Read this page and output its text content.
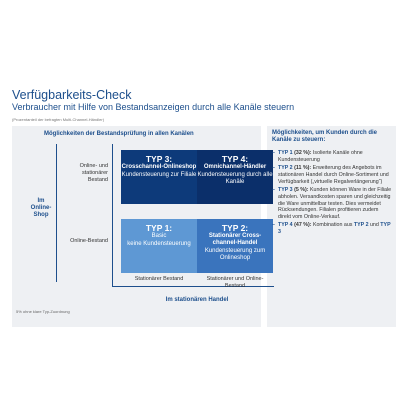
Verfügbarkeits-Check
Verbraucher mit Hilfe von Bestandsanzeigen durch alle Kanäle steuern
(Prozentanteil der befragten Multi-Channel-Händler)
Möglichkeiten der Bestandsprüfung in allen Kanälen
Im Online-Shop
Online- und stationärer Bestand
Online-Bestand
TYP 3:
Crosschannel-Onlineshop
Kundensteuerung zur Filiale
TYP 4:
Omnichannel-Händler
Kundensteuerung durch alle Kanäle
TYP 1:
Basic
keine Kundensteuerung
TYP 2:
Stationärer Cross-channel-Handel
Kundensteuerung zum Onlineshop
Stationärer Bestand	Stationärer und Online-Bestand
Im stationären Handel
5% ohne klare Typ-Zuordnung
Möglichkeiten, um Kunden durch die Kanäle zu steuern:
– TYP 1 (32 %): Isolierte Kanäle ohne Kundensteuerung
– TYP 2 (11 %): Erweiterung des Angebots im stationären Handel durch Online-Sortiment und Verfügbarkeit („virtuelle Regalverlängerung“)
– TYP 3 (5 %): Kunden können Ware in der Filiale abholen. Versandkosten sparen und gleichzeitig die Ware unmittelbar testen. Dies vermeidet Rücksendungen. Filialen profitieren zudem direkt vom Online-Verkauf.
– TYP 4 (47 %): Kombination aus TYP 2 und TYP 3
